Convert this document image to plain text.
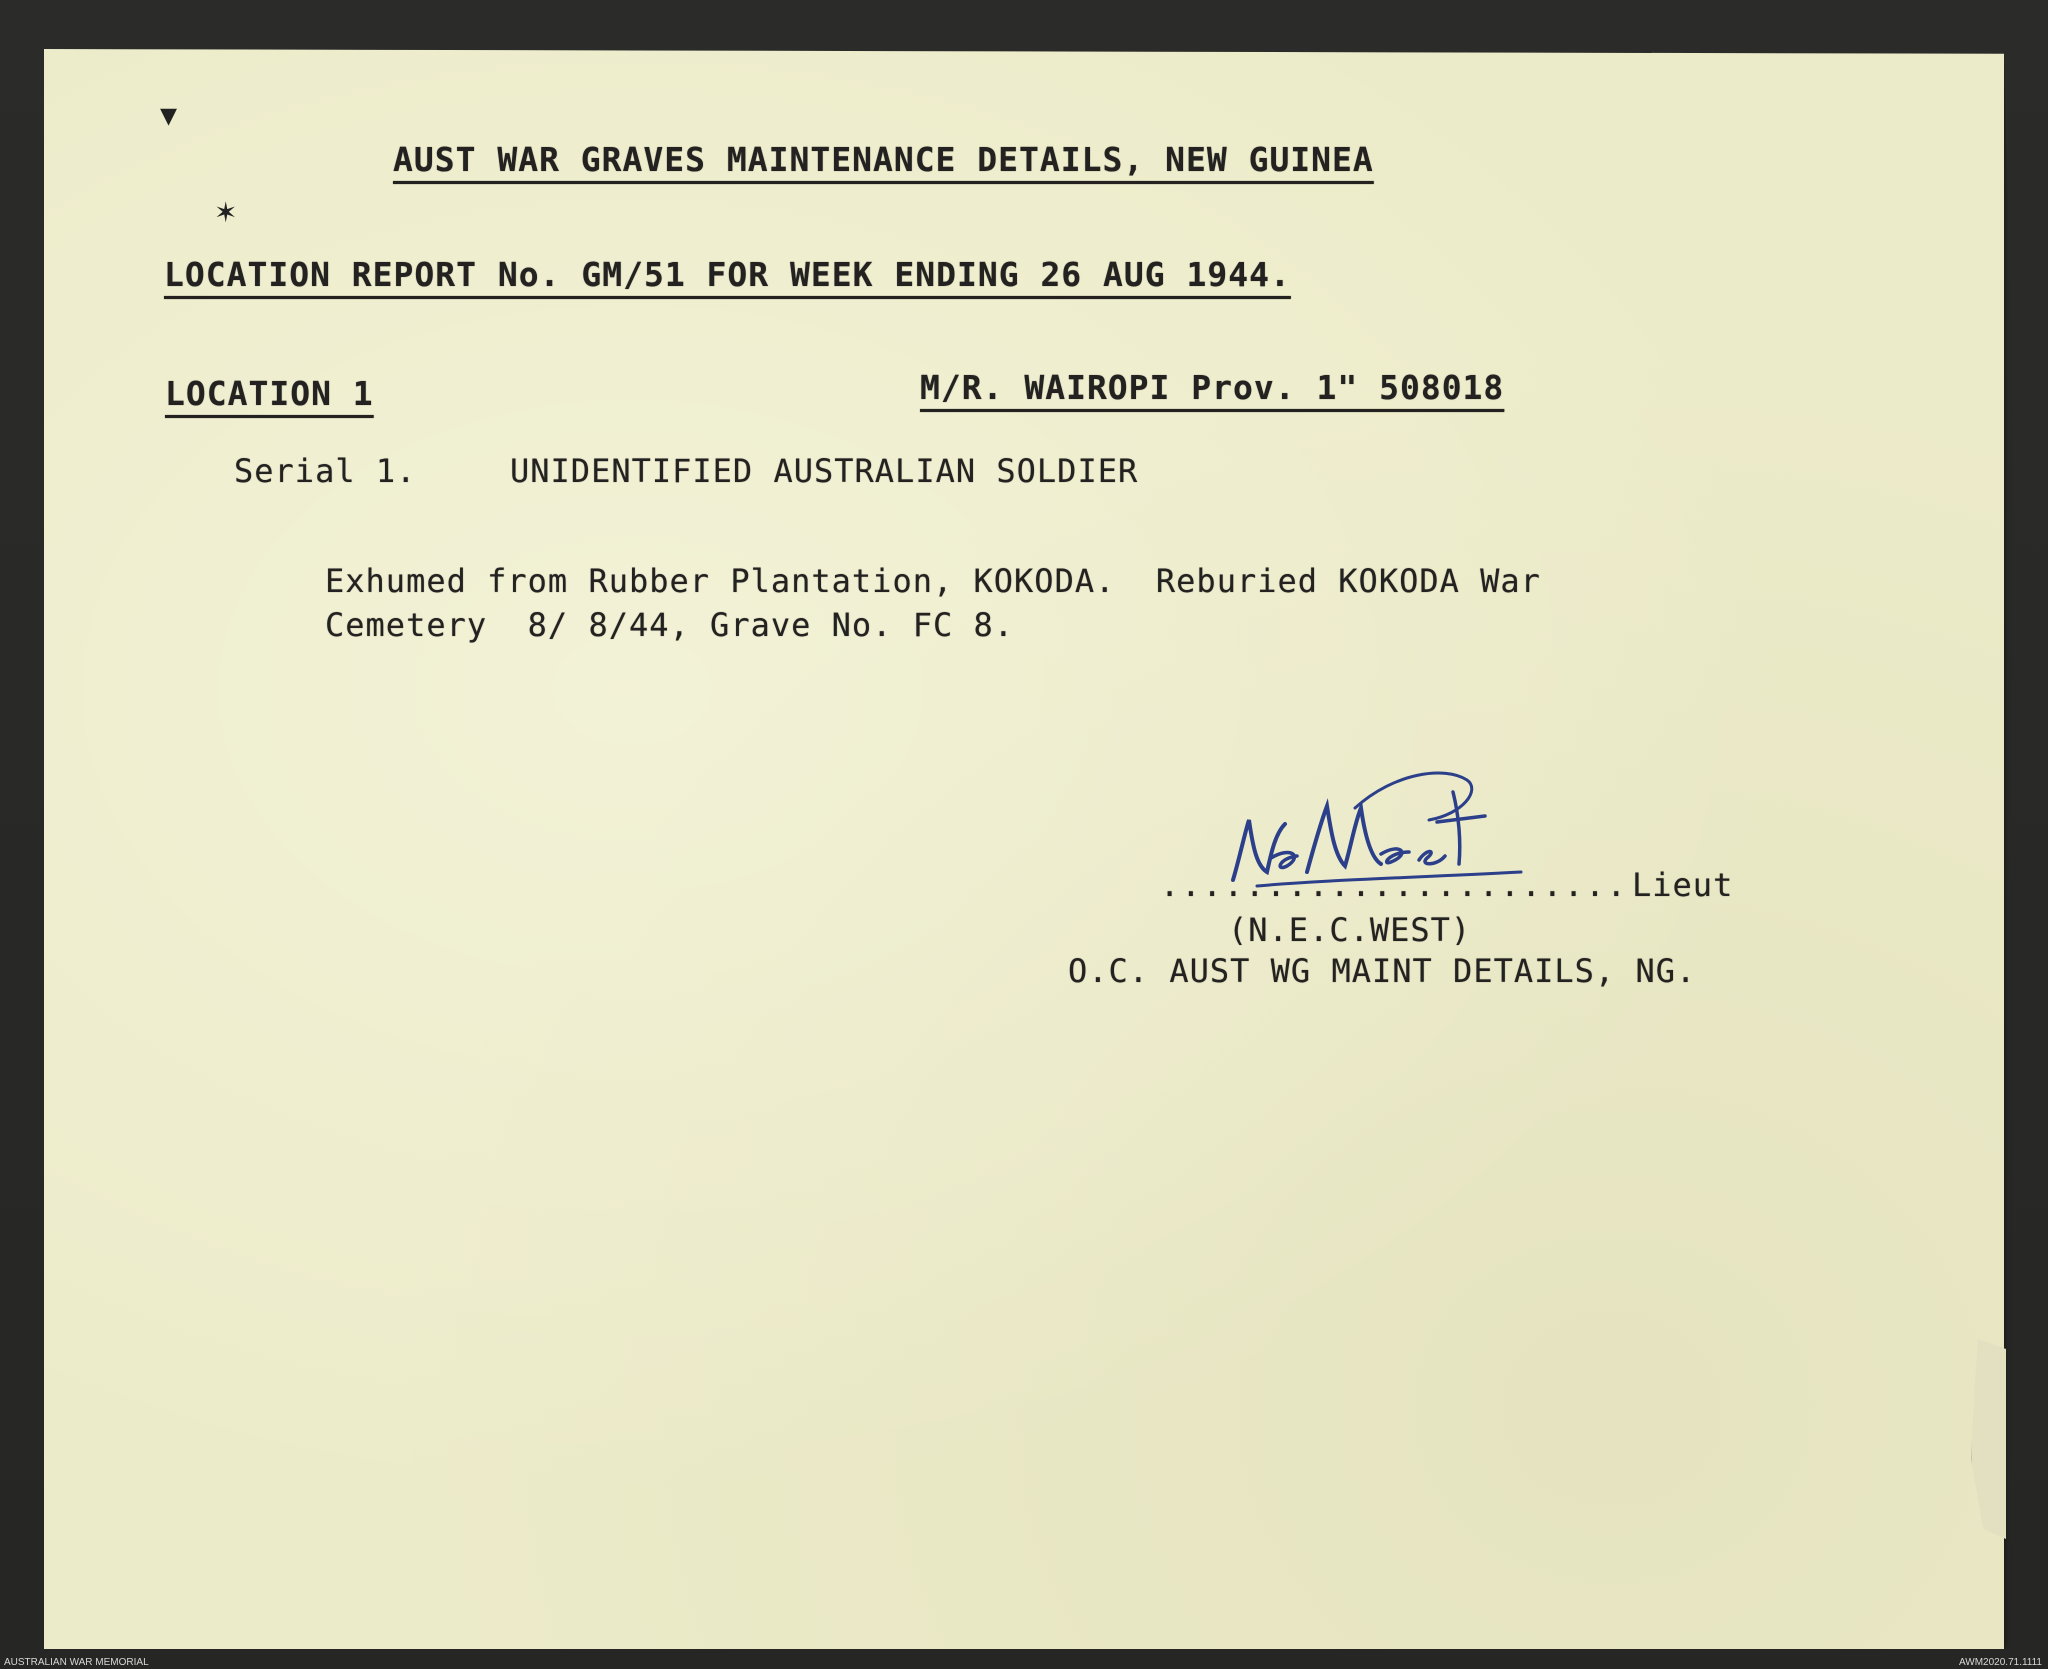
▾
✶
AUST WAR GRAVES MAINTENANCE DETAILS, NEW GUINEA
LOCATION REPORT No. GM/51 FOR WEEK ENDING 26 AUG 1944.
LOCATION 1	M/R. WAIROPI Prov. 1" 508018
Serial 1.	UNIDENTIFIED AUSTRALIAN SOLDIER
Exhumed from Rubber Plantation, KOKODA.  Reburied KOKODA War
Cemetery  8/ 8/44, Grave No. FC 8.
...................... Lieut
(N.E.C.WEST)
O.C. AUST WG MAINT DETAILS, NG.
AUSTRALIAN WAR MEMORIAL	AWM2020.71.1111
